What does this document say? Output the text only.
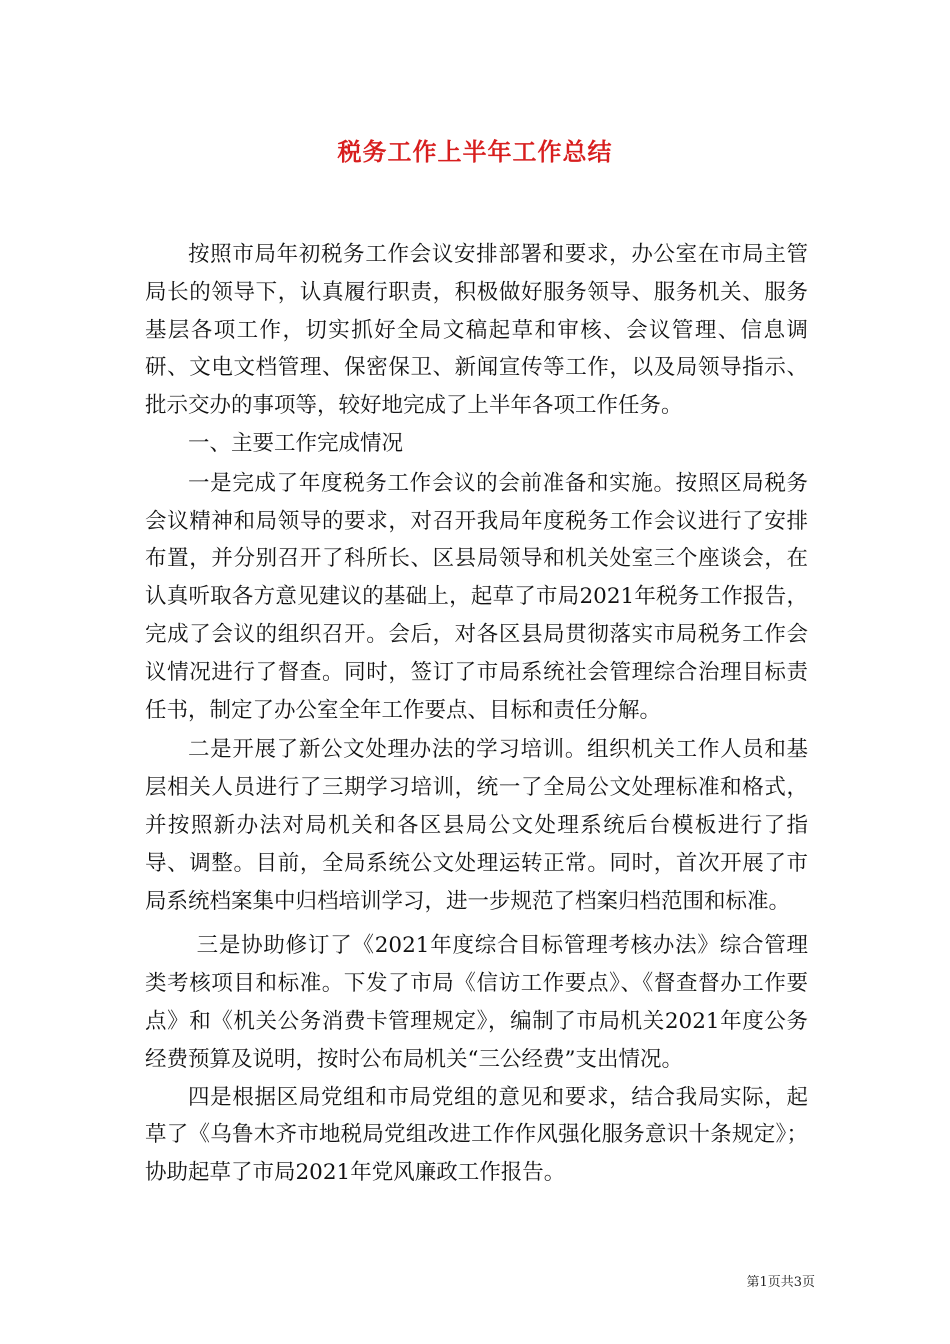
税务工作上半年工作总结

按照市局年初税务工作会议安排部署和要求，办公室在市局主管局长的领导下，认真履行职责，积极做好服务领导、服务机关、服务基层各项工作，切实抓好全局文稿起草和审核、会议管理、信息调研、文电文档管理、保密保卫、新闻宣传等工作，以及局领导指示、批示交办的事项等，较好地完成了上半年各项工作任务。

一、主要工作完成情况

一是完成了年度税务工作会议的会前准备和实施。按照区局税务会议精神和局领导的要求，对召开我局年度税务工作会议进行了安排布置，并分别召开了科所长、区县局领导和机关处室三个座谈会，在认真听取各方意见建议的基础上，起草了市局2021年税务工作报告，完成了会议的组织召开。会后，对各区县局贯彻落实市局税务工作会议情况进行了督查。同时，签订了市局系统社会管理综合治理目标责任书，制定了办公室全年工作要点、目标和责任分解。

二是开展了新公文处理办法的学习培训。组织机关工作人员和基层相关人员进行了三期学习培训，统一了全局公文处理标准和格式，并按照新办法对局机关和各区县局公文处理系统后台模板进行了指导、调整。目前，全局系统公文处理运转正常。同时，首次开展了市局系统档案集中归档培训学习，进一步规范了档案归档范围和标准。

三是协助修订了《2021年度综合目标管理考核办法》综合管理类考核项目和标准。下发了市局《信访工作要点》、《督查督办工作要点》和《机关公务消费卡管理规定》，编制了市局机关2021年度公务经费预算及说明，按时公布局机关“三公经费”支出情况。

四是根据区局党组和市局党组的意见和要求，结合我局实际，起草了《乌鲁木齐市地税局党组改进工作作风强化服务意识十条规定》；协助起草了市局2021年党风廉政工作报告。

第1页共3页
